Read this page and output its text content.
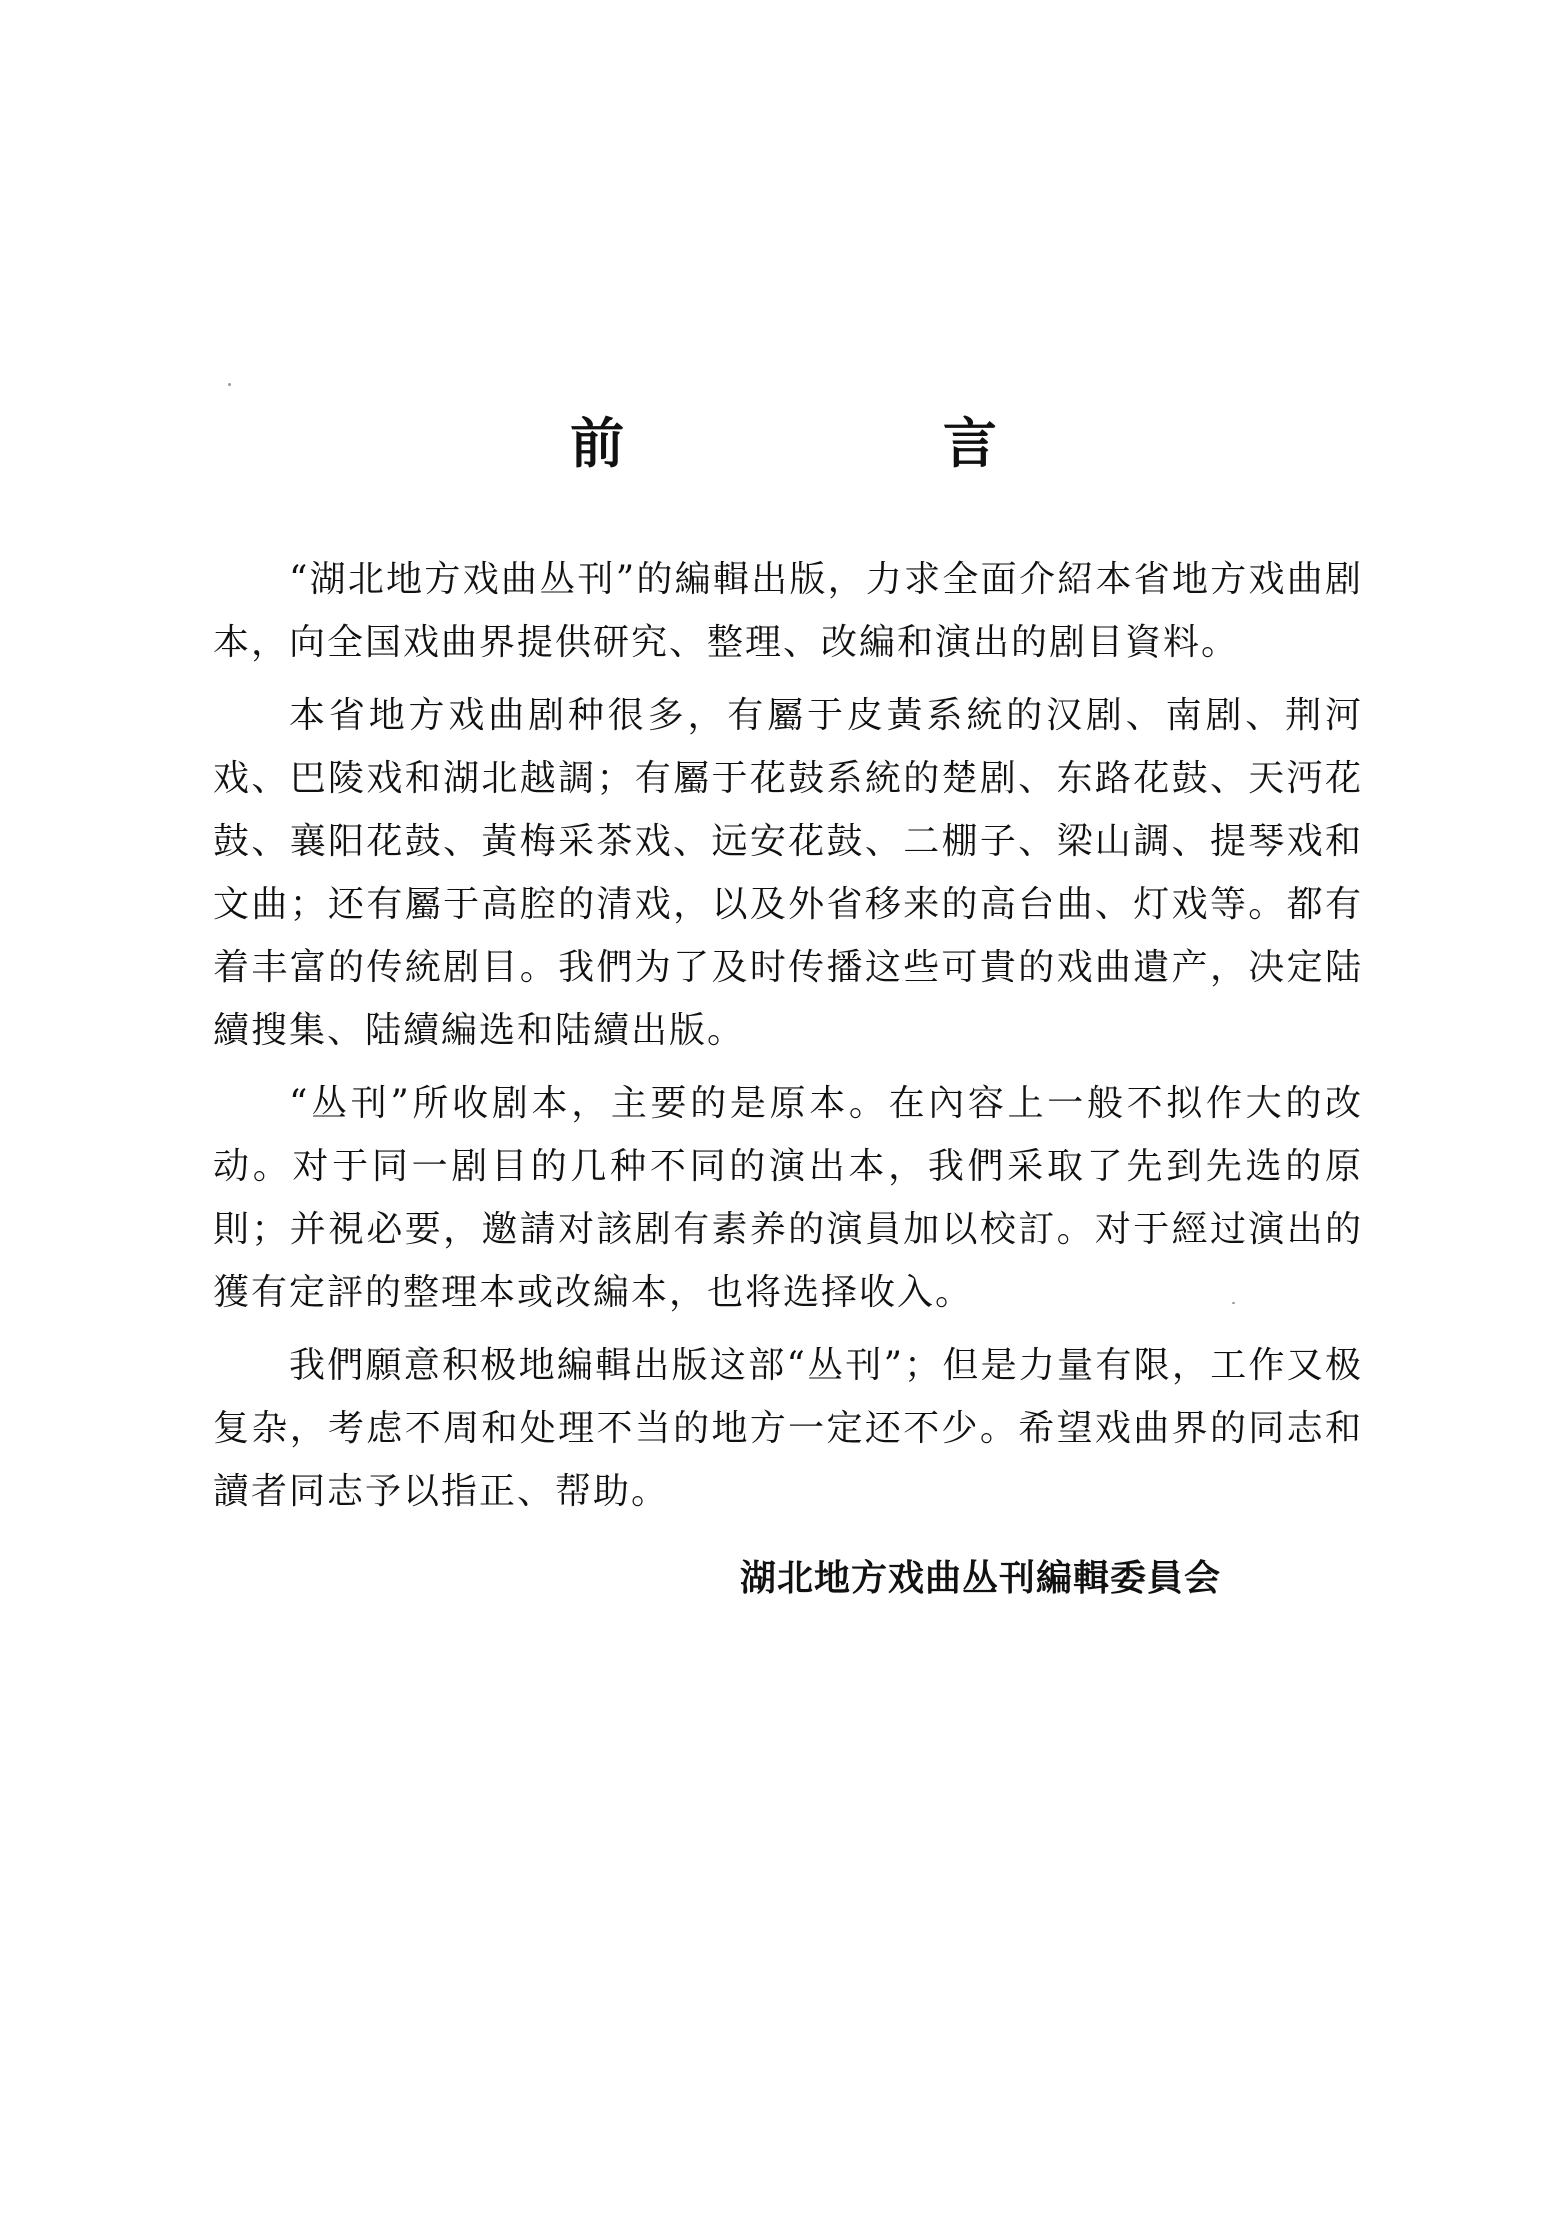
前 言

“湖北地方戏曲丛刊”的編輯出版，力求全面介紹本省地方戏曲剧本，向全国戏曲界提供研究、整理、改編和演出的剧目資料。

本省地方戏曲剧种很多，有屬于皮黃系統的汉剧、南剧、荆河戏、巴陵戏和湖北越調；有屬于花鼓系統的楚剧、东路花鼓、天沔花鼓、襄阳花鼓、黃梅采茶戏、远安花鼓、二棚子、梁山調、提琴戏和文曲；还有屬于高腔的清戏，以及外省移来的高台曲、灯戏等。都有着丰富的传統剧目。我們为了及时传播这些可貴的戏曲遺产，决定陆續搜集、陆續編选和陆續出版。

“丛刊”所收剧本，主要的是原本。在內容上一般不拟作大的改动。对于同一剧目的几种不同的演出本，我們采取了先到先选的原則；并視必要，邀請对該剧有素养的演員加以校訂。对于經过演出的獲有定評的整理本或改編本，也将选择收入。

我們願意积极地編輯出版这部“丛刊”；但是力量有限，工作又极复杂，考虑不周和处理不当的地方一定还不少。希望戏曲界的同志和讀者同志予以指正、帮助。

湖北地方戏曲丛刊編輯委員会
